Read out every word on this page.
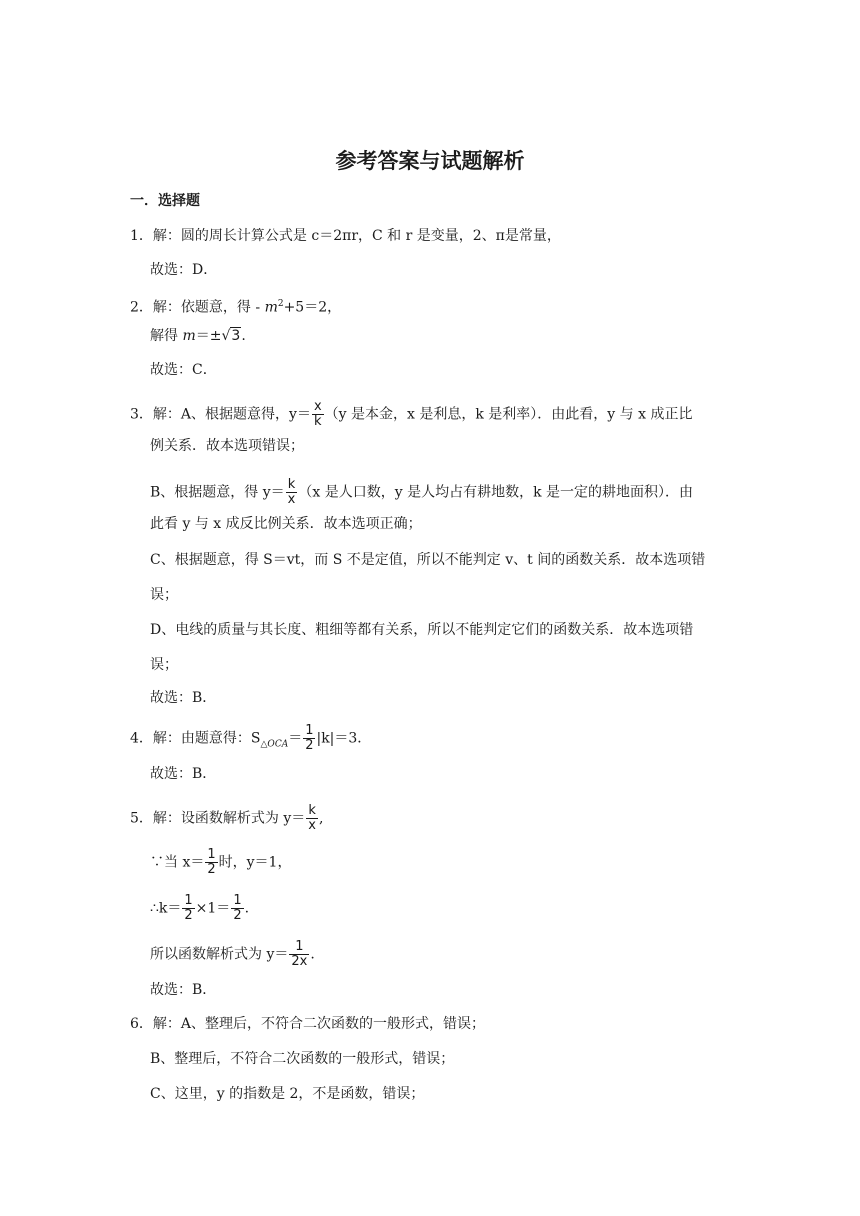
参考答案与试题解析
一．选择题
1．解：圆的周长计算公式是 c＝2πr，C 和 r 是变量，2、π是常量，
故选：D．
2．解：依题意，得 - $m^2+5=2$，
解得 m＝±√3.
故选：C．
3．解：A、根据题意得，$y= \frac{x}{k} (y$ 是本金，x 是利息，k 是利率）．由此看，y 与 x 成正比
例关系．故本选项错误；
B、根据题意，得 $y= \frac{k}{x} (x$ 是人口数，y 是人均占有耕地数，k 是一定的耕地面积）．由
此看 y 与 x 成反比例关系．故本选项正确；
C、根据题意，得 S＝vt，而 S 不是定值，所以不能判定 v、t 间的函数关系．故本选项错
误；
D、电线的质量与其长度、粗细等都有关系，所以不能判定它们的函数关系．故本选项错
误；
故选：B．
4．解：由题意得：$S_{\triangle OCA}= \frac{1}{2} |k|=3$．
故选：B．
5．解：设函数解析式为 $y= \frac{k}{x}$ ,
∵当 $x= \frac{1}{2}$ 时，y＝1，
∴k＝ $\frac{1}{2} \times 1= \frac{1}{2}$ .
所以函数解析式为 $y= \frac{1}{2x}$ .
故选：B．
6．解：A、整理后，不符合二次函数的一般形式，错误；
B、整理后，不符合二次函数的一般形式，错误；
C、这里，y 的指数是 2，不是函数，错误；
